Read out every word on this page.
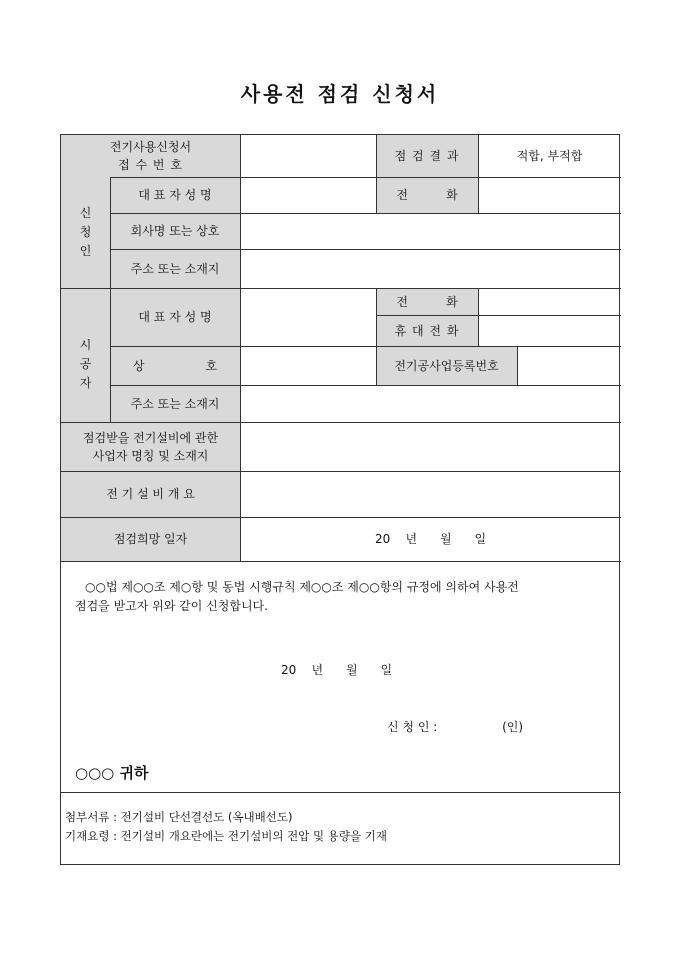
사용전 점검 신청서
전기사용신청서
접 수 번 호
신
청
인
대 표 자 성 명
회사명 또는 상호
주소 또는 소재지
시
공
자
대 표 자 성 명
상                호
주소 또는 소재지
점검받을 전기설비에 관한
사업자 명칭 및 소재지
전 기 설 비 개 요
점검희망 일자
점 검 결 과	적합, 부적합
전          화
전          화
휴 대 전 화
전기공사업등록번호
20    년      월      일
○○법 제○○조 제○항 및 동법 시행규칙 제○○조 제○○항의 규정에 의하여 사용전
점검을 받고자 위와 같이 신청합니다.
20    년      월      일
신 청 인 :                 (인)
○○○ 귀하
첨부서류 : 전기설비 단선결선도 (옥내배선도)
기재요령 : 전기설비 개요란에는 전기설비의 전압 및 용량을 기재
